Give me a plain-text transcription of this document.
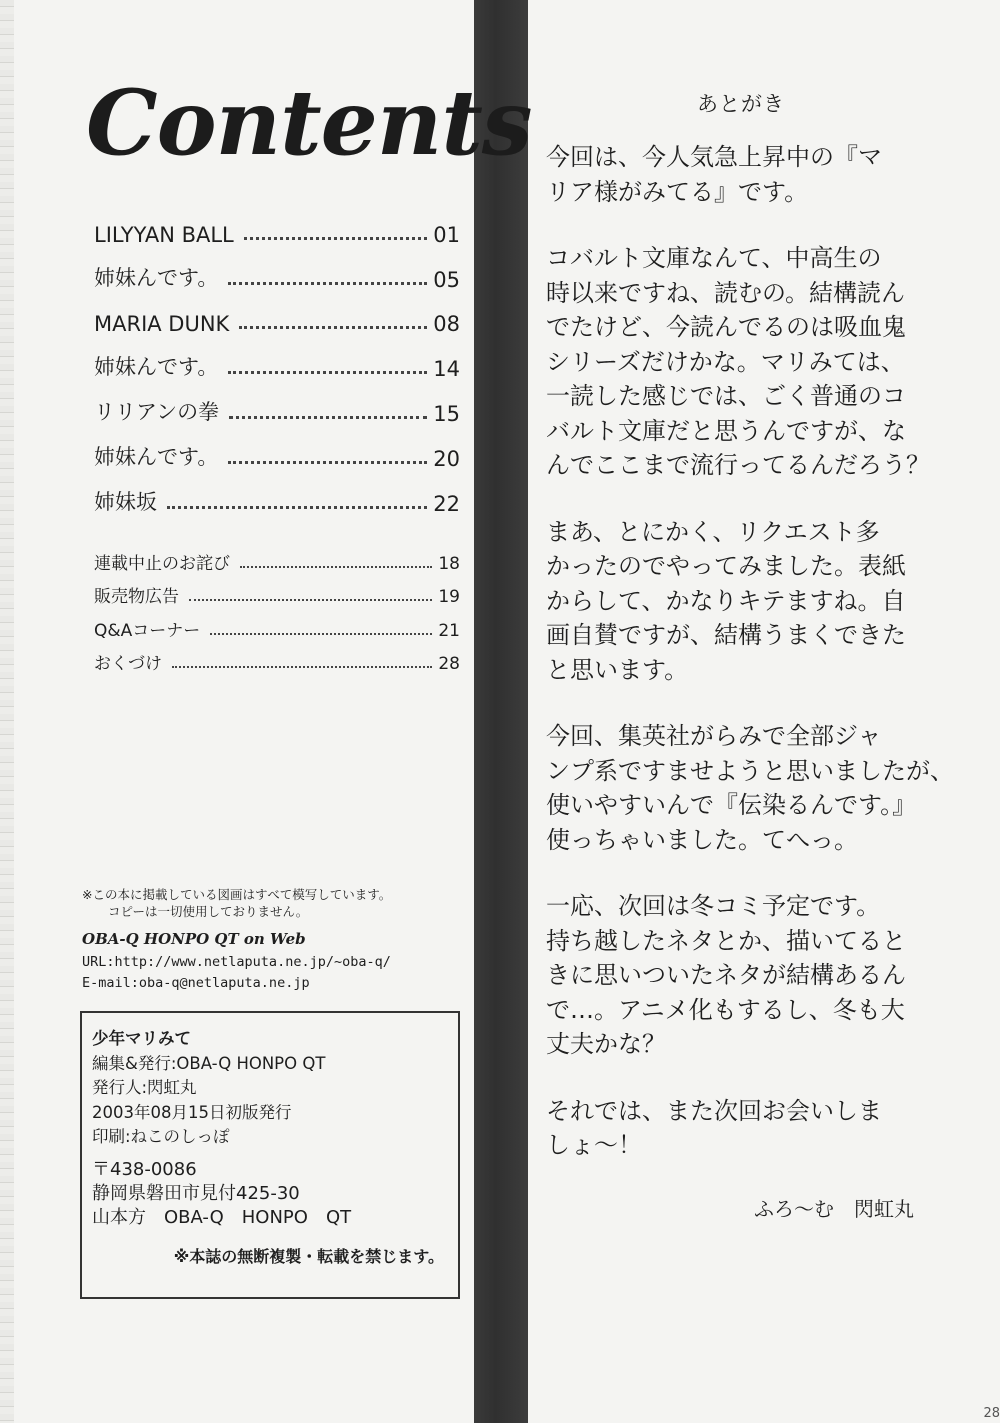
Contents
LILYYAN BALL	01
姉妹んです。	05
MARIA DUNK	08
姉妹んです。	14
リリアンの拳	15
姉妹んです。	20
姉妹坂	22
連載中止のお詫び	18
販売物広告	19
Q&Aコーナー	21
おくづけ	28
※この本に掲載している図画はすべて模写しています。
コピーは一切使用しておりません。
OBA-Q HONPO QT on Web
URL:http://www.netlaputa.ne.jp/~oba-q/
E-mail:oba-q@netlaputa.ne.jp
少年マリみて
編集&発行:OBA-Q HONPO QT
発行人:閃虹丸
2003年08月15日初版発行
印刷:ねこのしっぽ
〒438-0086
静岡県磐田市見付425-30
山本方　OBA-Q　HONPO　QT
※本誌の無断複製・転載を禁じます。
あとがき

今回は、今人気急上昇中の『マ
リア様がみてる』です。

コバルト文庫なんて、中高生の
時以来ですね、読むの。結構読ん
でたけど、今読んでるのは吸血鬼
シリーズだけかな。マリみては、
一読した感じでは、ごく普通のコ
バルト文庫だと思うんですが、な
んでここまで流行ってるんだろう？

まあ、とにかく、リクエスト多
かったのでやってみました。表紙
からして、かなりキテますね。自
画自賛ですが、結構うまくできた
と思います。

今回、集英社がらみで全部ジャ
ンプ系ですませようと思いましたが、
使いやすいんで『伝染るんです。』
使っちゃいました。てへっ。

一応、次回は冬コミ予定です。
持ち越したネタとか、描いてると
きに思いついたネタが結構あるん
で…。アニメ化もするし、冬も大
丈夫かな？

それでは、また次回お会いしま
しょ～！

ふろ～む　閃虹丸
28
